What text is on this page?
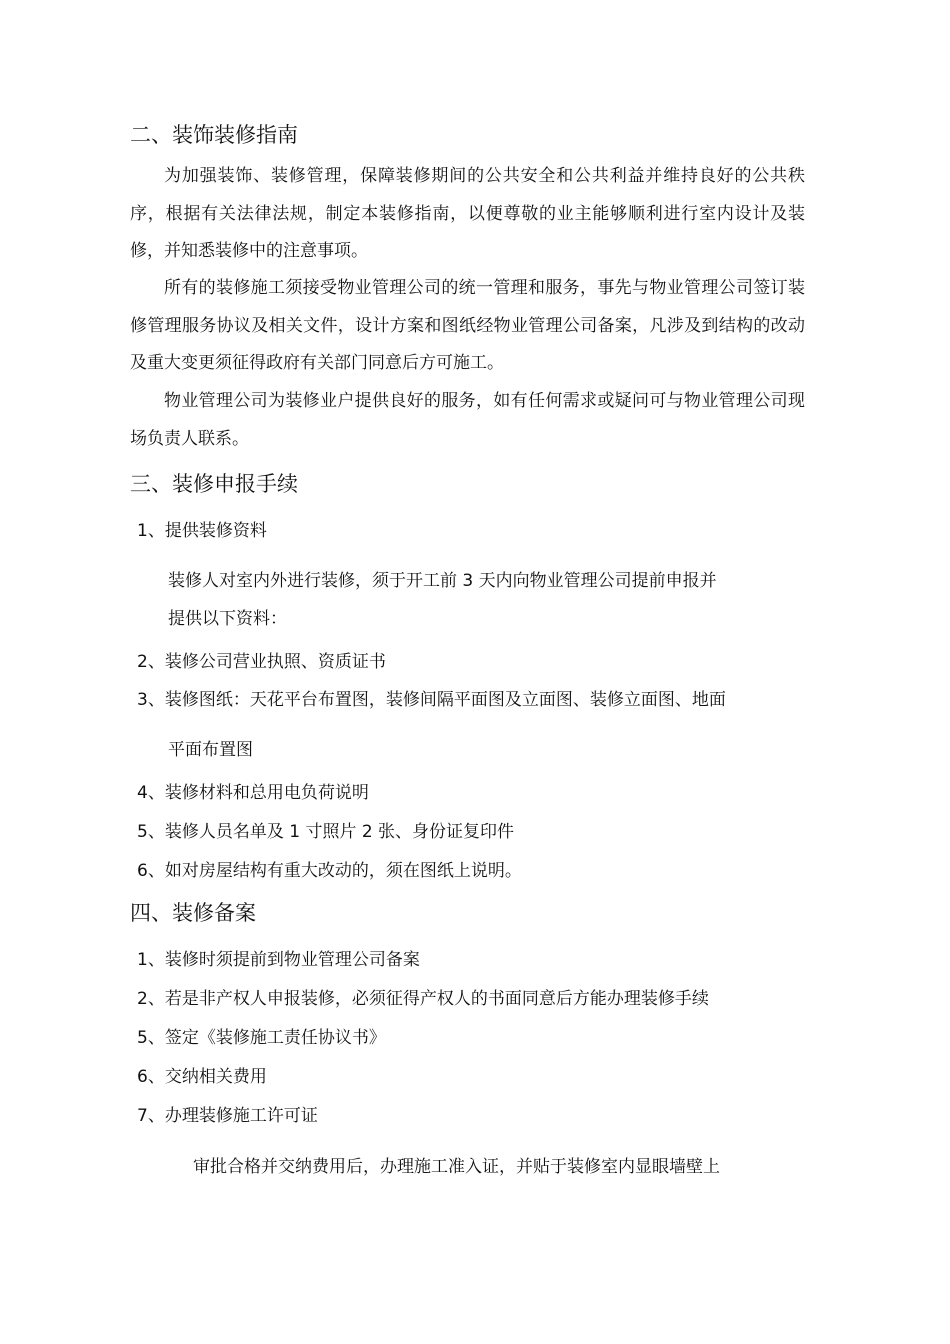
二、装饰装修指南

为加强装饰、装修管理，保障装修期间的公共安全和公共利益并维持良好的公共秩序，根据有关法律法规，制定本装修指南，以便尊敬的业主能够顺利进行室内设计及装修，并知悉装修中的注意事项。

所有的装修施工须接受物业管理公司的统一管理和服务，事先与物业管理公司签订装修管理服务协议及相关文件，设计方案和图纸经物业管理公司备案，凡涉及到结构的改动及重大变更须征得政府有关部门同意后方可施工。

物业管理公司为装修业户提供良好的服务，如有任何需求或疑问可与物业管理公司现场负责人联系。

三、装修申报手续

1、提供装修资料

装修人对室内外进行装修，须于开工前 3 天内向物业管理公司提前申报并

提供以下资料：

2、装修公司营业执照、资质证书

3、装修图纸：天花平台布置图，装修间隔平面图及立面图、装修立面图、地面

平面布置图

4、装修材料和总用电负荷说明

5、装修人员名单及 1 寸照片 2 张、身份证复印件

6、如对房屋结构有重大改动的，须在图纸上说明。

四、装修备案

1、装修时须提前到物业管理公司备案

2、若是非产权人申报装修，必须征得产权人的书面同意后方能办理装修手续

5、签定《装修施工责任协议书》

6、交纳相关费用

7、办理装修施工许可证

审批合格并交纳费用后，办理施工准入证，并贴于装修室内显眼墙壁上
